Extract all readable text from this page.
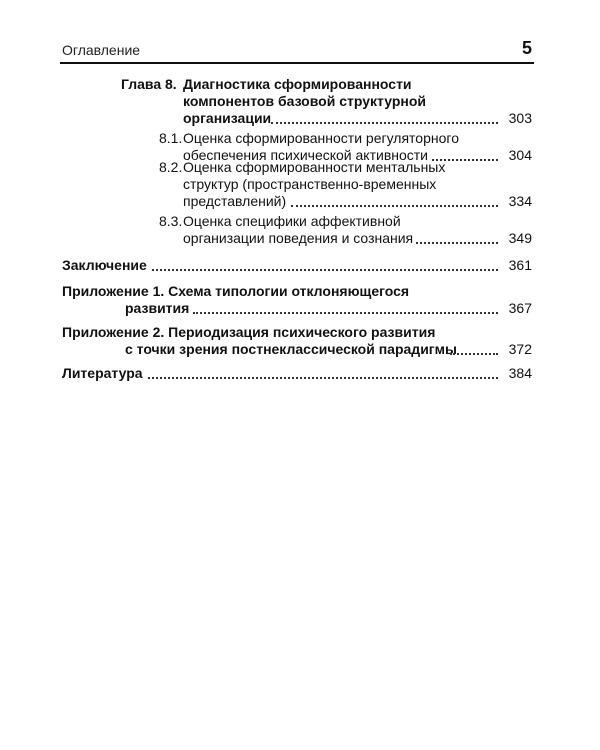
Оглавление	5
Глава 8. Диагностика сформированности
компонентов базовой структурной
организации	303
8.1. Оценка сформированности регуляторного
обеспечения психической активности	304
8.2. Оценка сформированности ментальных
структур (пространственно-временных
представлений)	334
8.3. Оценка специфики аффективной
организации поведения и сознания	349
Заключение	361
Приложение 1. Схема типологии отклоняющегося
развития	367
Приложение 2. Периодизация психического развития
с точки зрения постнеклассической парадигмы	372
Литература	384
